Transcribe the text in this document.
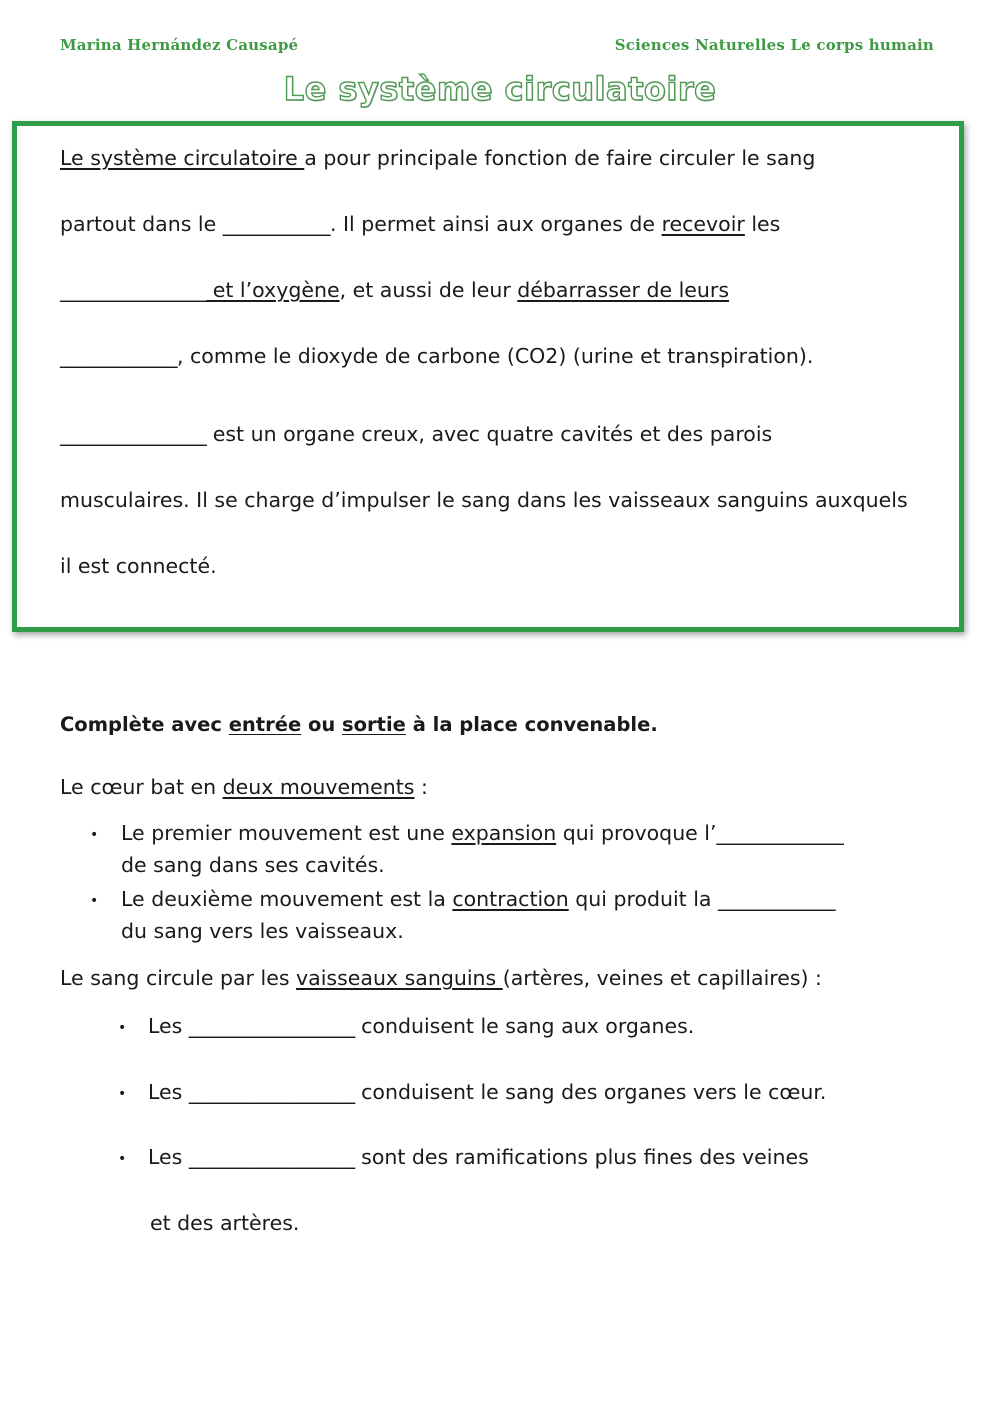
Marina Hernández Causapé	Sciences Naturelles Le corps humain
Le système circulatoire

Le système circulatoire a pour principale fonction de faire circuler le sang

partout dans le ___________. Il permet ainsi aux organes de recevoir les

_______________ et l’oxygène, et aussi de leur débarrasser de leurs

____________, comme le dioxyde de carbone (CO2) (urine et transpiration).

_______________ est un organe creux, avec quatre cavités et des parois

musculaires. Il se charge d’impulser le sang dans les vaisseaux sanguins auxquels

il est connecté.

Complète avec entrée ou sortie à la place convenable.

Le cœur bat en deux mouvements :

• Le premier mouvement est une expansion qui provoque l’_____________

de sang dans ses cavités.

• Le deuxième mouvement est la contraction qui produit la ____________

du sang vers les vaisseaux.

Le sang circule par les vaisseaux sanguins (artères, veines et capillaires) :

• Les _________________ conduisent le sang aux organes.

• Les _________________ conduisent le sang des organes vers le cœur.

• Les _________________ sont des ramifications plus fines des veines

et des artères.
